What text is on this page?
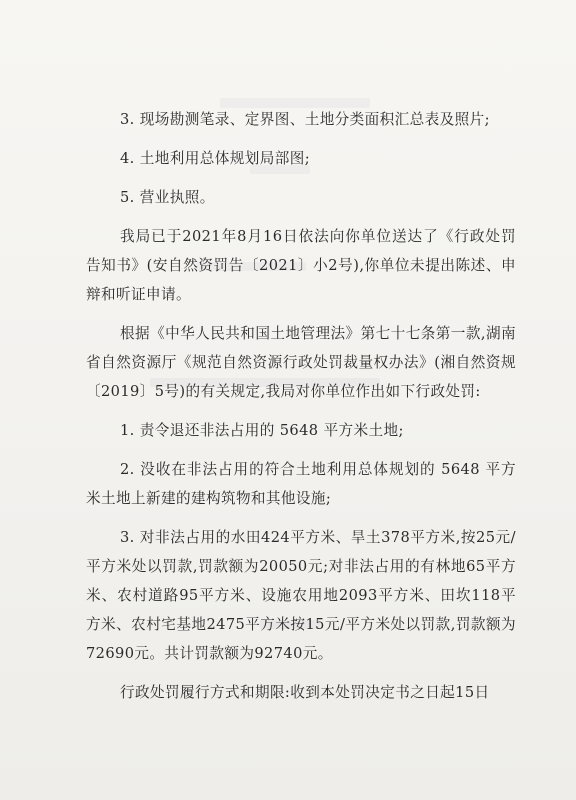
3. 现场勘测笔录、定界图、土地分类面积汇总表及照片;

4. 土地利用总体规划局部图;

5. 营业执照。

我局已于2021年8月16日依法向你单位送达了《行政处罚告知书》(安自然资罚告〔2021〕小2号),你单位未提出陈述、申辩和听证申请。

根据《中华人民共和国土地管理法》第七十七条第一款,湖南省自然资源厅《规范自然资源行政处罚裁量权办法》(湘自然资规〔2019〕5号)的有关规定,我局对你单位作出如下行政处罚:

1. 责令退还非法占用的 5648 平方米土地;

2. 没收在非法占用的符合土地利用总体规划的 5648 平方米土地上新建的建构筑物和其他设施;

3. 对非法占用的水田424平方米、旱土378平方米,按25元/平方米处以罚款,罚款额为20050元;对非法占用的有林地65平方米、农村道路95平方米、设施农用地2093平方米、田坎118平方米、农村宅基地2475平方米按15元/平方米处以罚款,罚款额为72690元。共计罚款额为92740元。

行政处罚履行方式和期限:收到本处罚决定书之日起15日
